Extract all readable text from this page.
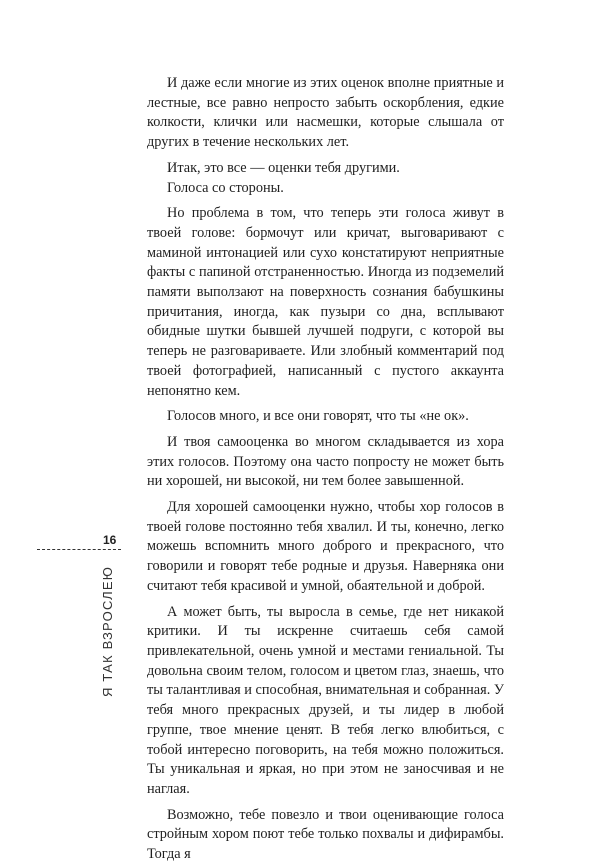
И даже если многие из этих оценок вполне приятные и лестные, все равно непросто забыть оскорбления, едкие колкости, клички или насмешки, которые слышала от других в течение нескольких лет.

Итак, это все — оценки тебя другими.

Голоса со стороны.

Но проблема в том, что теперь эти голоса живут в твоей голове: бормочут или кричат, выговаривают с маминой интонацией или сухо констатируют неприятные факты с папиной отстраненностью. Иногда из подземелий памяти выползают на поверхность сознания бабушкины причитания, иногда, как пузыри со дна, всплывают обидные шутки бывшей лучшей подруги, с которой вы теперь не разговариваете. Или злобный комментарий под твоей фотографией, написанный с пустого аккаунта непонятно кем.

Голосов много, и все они говорят, что ты «не ок».

И твоя самооценка во многом складывается из хора этих голосов. Поэтому она часто попросту не может быть ни хорошей, ни высокой, ни тем более завышенной.

Для хорошей самооценки нужно, чтобы хор голосов в твоей голове постоянно тебя хвалил. И ты, конечно, легко можешь вспомнить много доброго и прекрасного, что говорили и говорят тебе родные и друзья. Наверняка они считают тебя красивой и умной, обаятельной и доброй.

А может быть, ты выросла в семье, где нет никакой критики. И ты искренне считаешь себя самой привлекательной, очень умной и местами гениальной. Ты довольна своим телом, голосом и цветом глаз, знаешь, что ты талантливая и способная, внимательная и собранная. У тебя много прекрасных друзей, и ты лидер в любой группе, твое мнение ценят. В тебя легко влюбиться, с тобой интересно поговорить, на тебя можно положиться. Ты уникальная и яркая, но при этом не заносчивая и не наглая.

Возможно, тебе повезло и твои оценивающие голоса стройным хором поют тебе только похвалы и дифирамбы. Тогда я

16
Я ТАК ВЗРОСЛЕЮ
